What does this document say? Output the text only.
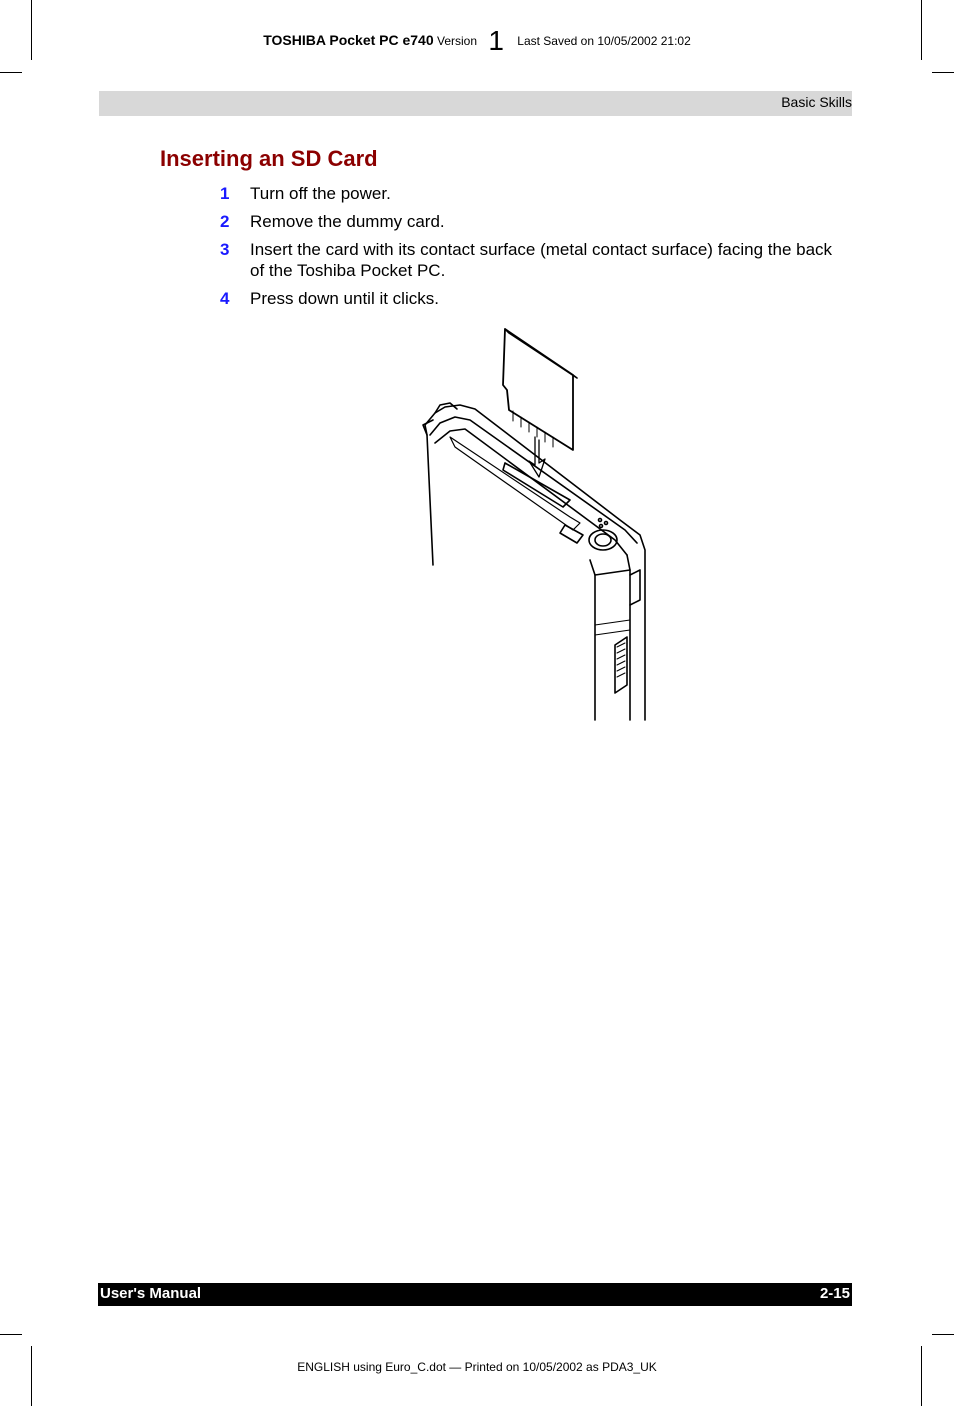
TOSHIBA Pocket PC e740 Version 1 Last Saved on 10/05/2002 21:02
Basic Skills
Inserting an SD Card
1 Turn off the power.
2 Remove the dummy card.
3 Insert the card with its contact surface (metal contact surface) facing the back of the Toshiba Pocket PC.
4 Press down until it clicks.
User's Manual	2-15
ENGLISH using Euro_C.dot — Printed on 10/05/2002 as PDA3_UK
